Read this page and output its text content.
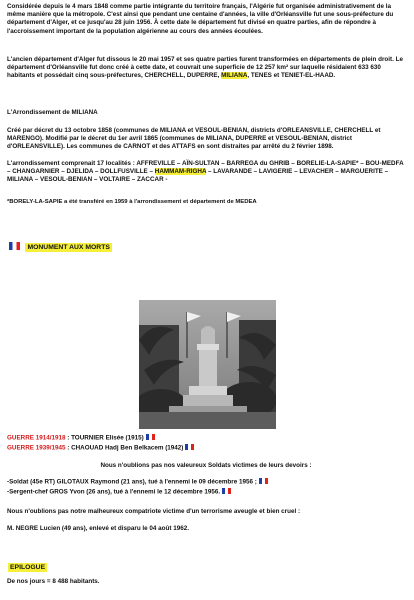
Considérée depuis le 4 mars 1848 comme partie intégrante du territoire français, l'Algérie fut organisée administrativement de la même manière que la métropole. C'est ainsi que pendant une centaine d'années, la ville d'Orléansville fut une sous-préfecture du département d'Alger, et ce jusqu'au 28 juin 1956. À cette date le département fut divisé en quatre parties, afin de répondre à l'accroissement important de la population algérienne au cours des années écoulées.
L'ancien département d'Alger fut dissous le 20 mai 1957 et ses quatre parties furent transformées en départements de plein droit. Le département d'Orléansville fut donc créé à cette date, et couvrait une superficie de 12 257 km² sur laquelle résidaient 633 630 habitants et possédait cinq sous-préfectures, CHERCHELL, DUPERRE, MILIANA, TENES et TENIET-EL-HAAD.
L'Arrondissement de MILIANA
Créé par décret du 13 octobre 1858 (communes de MILIANA et VESOUL-BENIAN, districts d'ORLEANSVILLE, CHERCHELL et MARENGO). Modifié par le décret du 1er avril 1865 (communes de MILIANA, DUPERRE et VESOUL-BENIAN, district d'ORLEANSVILLE). Les communes de CARNOT et des ATTAFS en sont distraites par arrêté du 2 février 1898.
L'arrondissement comprenait 17 localités : AFFREVILLE – AÏN-SULTAN – BARREGA du GHRIB – BORELIE-LA-SAPIE* – BOU-MEDFA – CHANGARNIER – DJELIDA – DOLLFUSVILLE – HAMMAM-RIGHA – LAVARANDE – LAVIGERIE – LEVACHER – MARGUERITE – MILIANA – VESOUL-BENIAN – VOLTAIRE – ZACCAR -
*BORELY-LA-SAPIE a été transféré en 1959 à l'arrondissement et département de MEDEA
MONUMENT AUX MORTS
GUERRE 1914/1918 : TOURNIER Elisée (1915)
GUERRE 1939/1945 : CHAOUAD Hadj Ben Belkacem (1942)
Nous n'oublions pas nos valeureux Soldats victimes de leurs devoirs :
-Soldat (45e RT) GILOTAUX Raymond (21 ans), tué à l'ennemi le 09 décembre 1956 ;
-Sergent-chef GROS Yvon (26 ans), tué à l'ennemi le 12 décembre 1956.
Nous n'oublions pas notre malheureux compatriote victime d'un terrorisme aveugle et bien cruel :
M. NEGRE Lucien (49 ans), enlevé et disparu le 04 août 1962.
EPILOGUE
De nos jours = 8 488 habitants.
